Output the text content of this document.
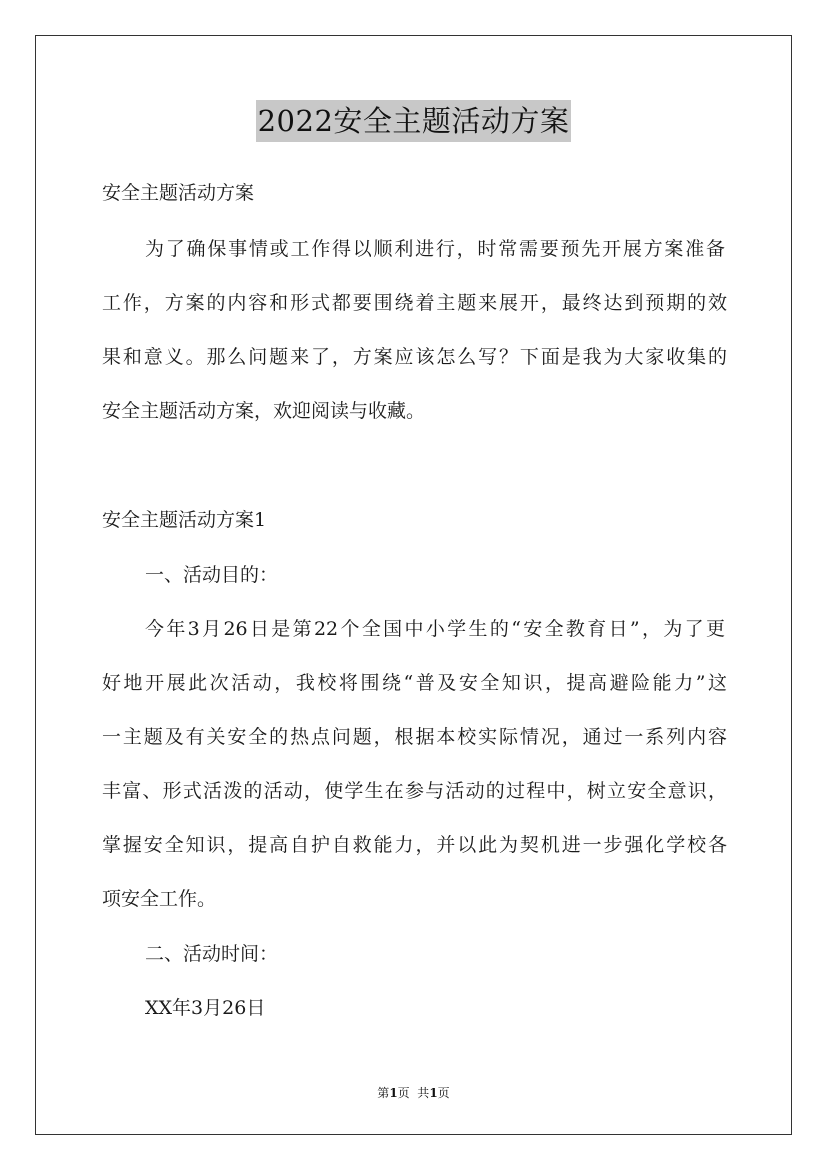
2022安全主题活动方案
安全主题活动方案
为了确保事情或工作得以顺利进行，时常需要预先开展方案准备
工作，方案的内容和形式都要围绕着主题来展开，最终达到预期的效
果和意义。那么问题来了，方案应该怎么写？下面是我为大家收集的
安全主题活动方案，欢迎阅读与收藏。
安全主题活动方案1
一、活动目的：
今年3月26日是第22个全国中小学生的“安全教育日”，为了更
好地开展此次活动，我校将围绕“普及安全知识，提高避险能力”这
一主题及有关安全的热点问题，根据本校实际情况，通过一系列内容
丰富、形式活泼的活动，使学生在参与活动的过程中，树立安全意识，
掌握安全知识，提高自护自救能力，并以此为契机进一步强化学校各
项安全工作。
二、活动时间：
XX年3月26日
第1页  共1页
